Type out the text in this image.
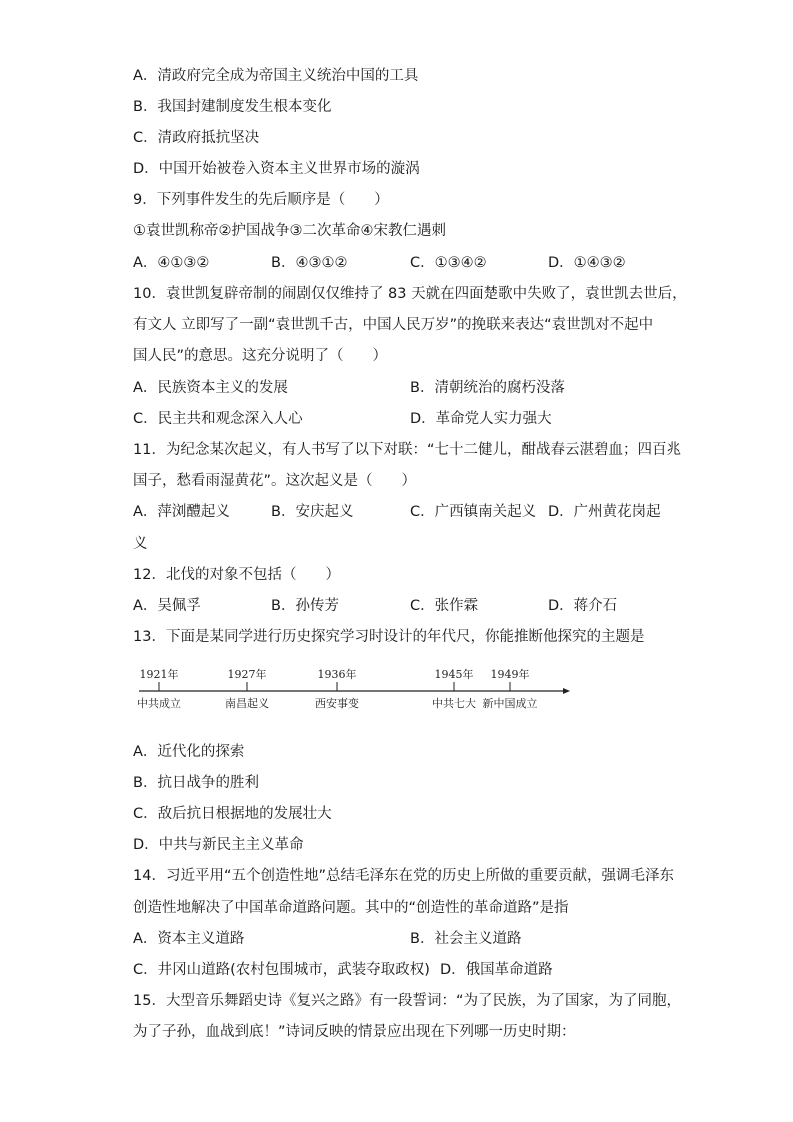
A．清政府完全成为帝国主义统治中国的工具
B．我国封建制度发生根本变化
C．清政府抵抗坚决
D．中国开始被卷入资本主义世界市场的漩涡
9．下列事件发生的先后顺序是（　　）
①袁世凯称帝②护国战争③二次革命④宋教仁遇刺
A．④①③②	B．④③①②	C．①③④②	D．①④③②
10．袁世凯复辟帝制的闹剧仅仅维持了 83 天就在四面楚歌中失败了，袁世凯去世后，
有文人 立即写了一副“袁世凯千古，中国人民万岁”的挽联来表达“袁世凯对不起中
国人民”的意思。这充分说明了（　　）
A．民族资本主义的发展	B．清朝统治的腐朽没落
C．民主共和观念深入人心	D．革命党人实力强大
11．为纪念某次起义，有人书写了以下对联：“七十二健儿，酣战春云湛碧血；四百兆
国子，愁看雨湿黄花”。这次起义是（　　）
A．萍浏醴起义	B．安庆起义	C．广西镇南关起义 D．广州黄花岗起
义
12．北伐的对象不包括（　　）
A．吴佩孚	B．孙传芳	C．张作霖	D．蒋介石
13．下面是某同学进行历史探究学习时设计的年代尺，你能推断他探究的主题是
1921年
中共成立
1927年
南昌起义
1936年
西安事变
1945年
中共七大
1949年
新中国成立
A．近代化的探索
B．抗日战争的胜利
C．敌后抗日根据地的发展壮大
D．中共与新民主主义革命
14．习近平用“五个创造性地”总结毛泽东在党的历史上所做的重要贡献，强调毛泽东
创造性地解决了中国革命道路问题。其中的“创造性的革命道路”是指
A．资本主义道路	B．社会主义道路
C．井冈山道路(农村包围城市，武装夺取政权) D．俄国革命道路
15．大型音乐舞蹈史诗《复兴之路》有一段誓词：“为了民族，为了国家，为了同胞，
为了子孙，血战到底！”诗词反映的情景应出现在下列哪一历史时期：
